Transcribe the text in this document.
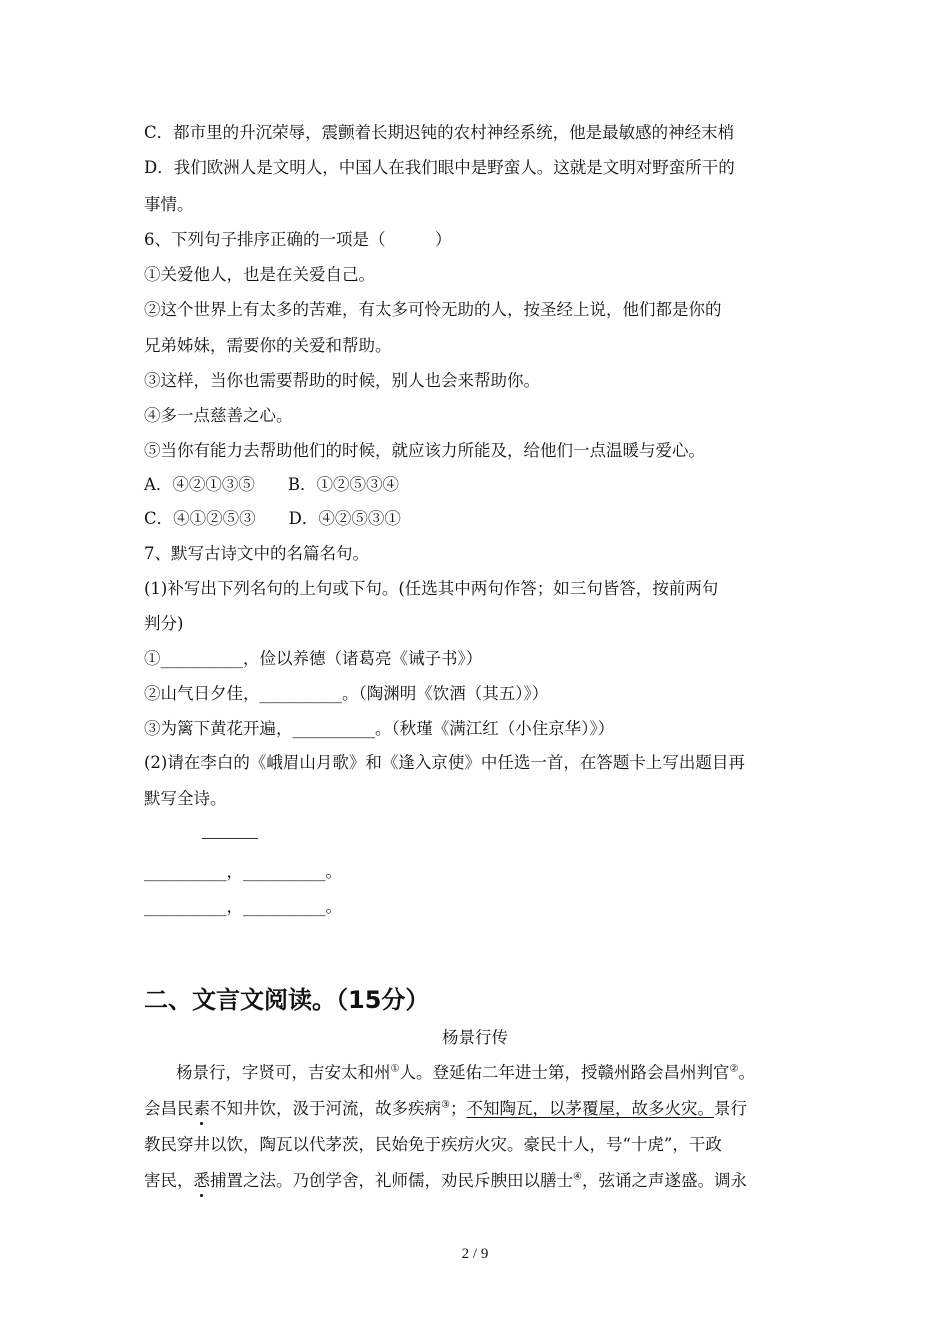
C．都市里的升沉荣辱，震颤着长期迟钝的农村神经系统，他是最敏感的神经末梢
D．我们欧洲人是文明人，中国人在我们眼中是野蛮人。这就是文明对野蛮所干的
事情。
6、下列句子排序正确的一项是（　　　）
①关爱他人，也是在关爱自己。
②这个世界上有太多的苦难，有太多可怜无助的人，按圣经上说，他们都是你的
兄弟姊妹，需要你的关爱和帮助。
③这样，当你也需要帮助的时候，别人也会来帮助你。
④多一点慈善之心。
⑤当你有能力去帮助他们的时候，就应该力所能及，给他们一点温暖与爱心。
A．④②①③⑤　　B．①②⑤③④
C．④①②⑤③　　D．④②⑤③①
7、默写古诗文中的名篇名句。
(1)补写出下列名句的上句或下句。(任选其中两句作答；如三句皆答，按前两句
判分)
①__________，俭以养德（诸葛亮《诫子书》）
②山气日夕佳，__________。（陶渊明《饮酒（其五）》）
③为篱下黄花开遍，__________。（秋瑾《满江红（小住京华）》）
(2)请在李白的《峨眉山月歌》和《逢入京使》中任选一首，在答题卡上写出题目再
默写全诗。
__________，__________。
__________，__________。
二、文言文阅读。（15分）
杨景行传
杨景行，字贤可，吉安太和州①人。登延佑二年进士第，授赣州路会昌州判官②。
会昌民素不知井饮，汲于河流，故多疾病③；不知陶瓦，以茅覆屋，故多火灾。景行
教民穿井以饮，陶瓦以代茅茨，民始免于疾疠火灾。豪民十人，号“十虎”，干政
害民，悉捕置之法。乃创学舍，礼师儒，劝民斥腴田以膳士④，弦诵之声遂盛。调永
2 / 9
